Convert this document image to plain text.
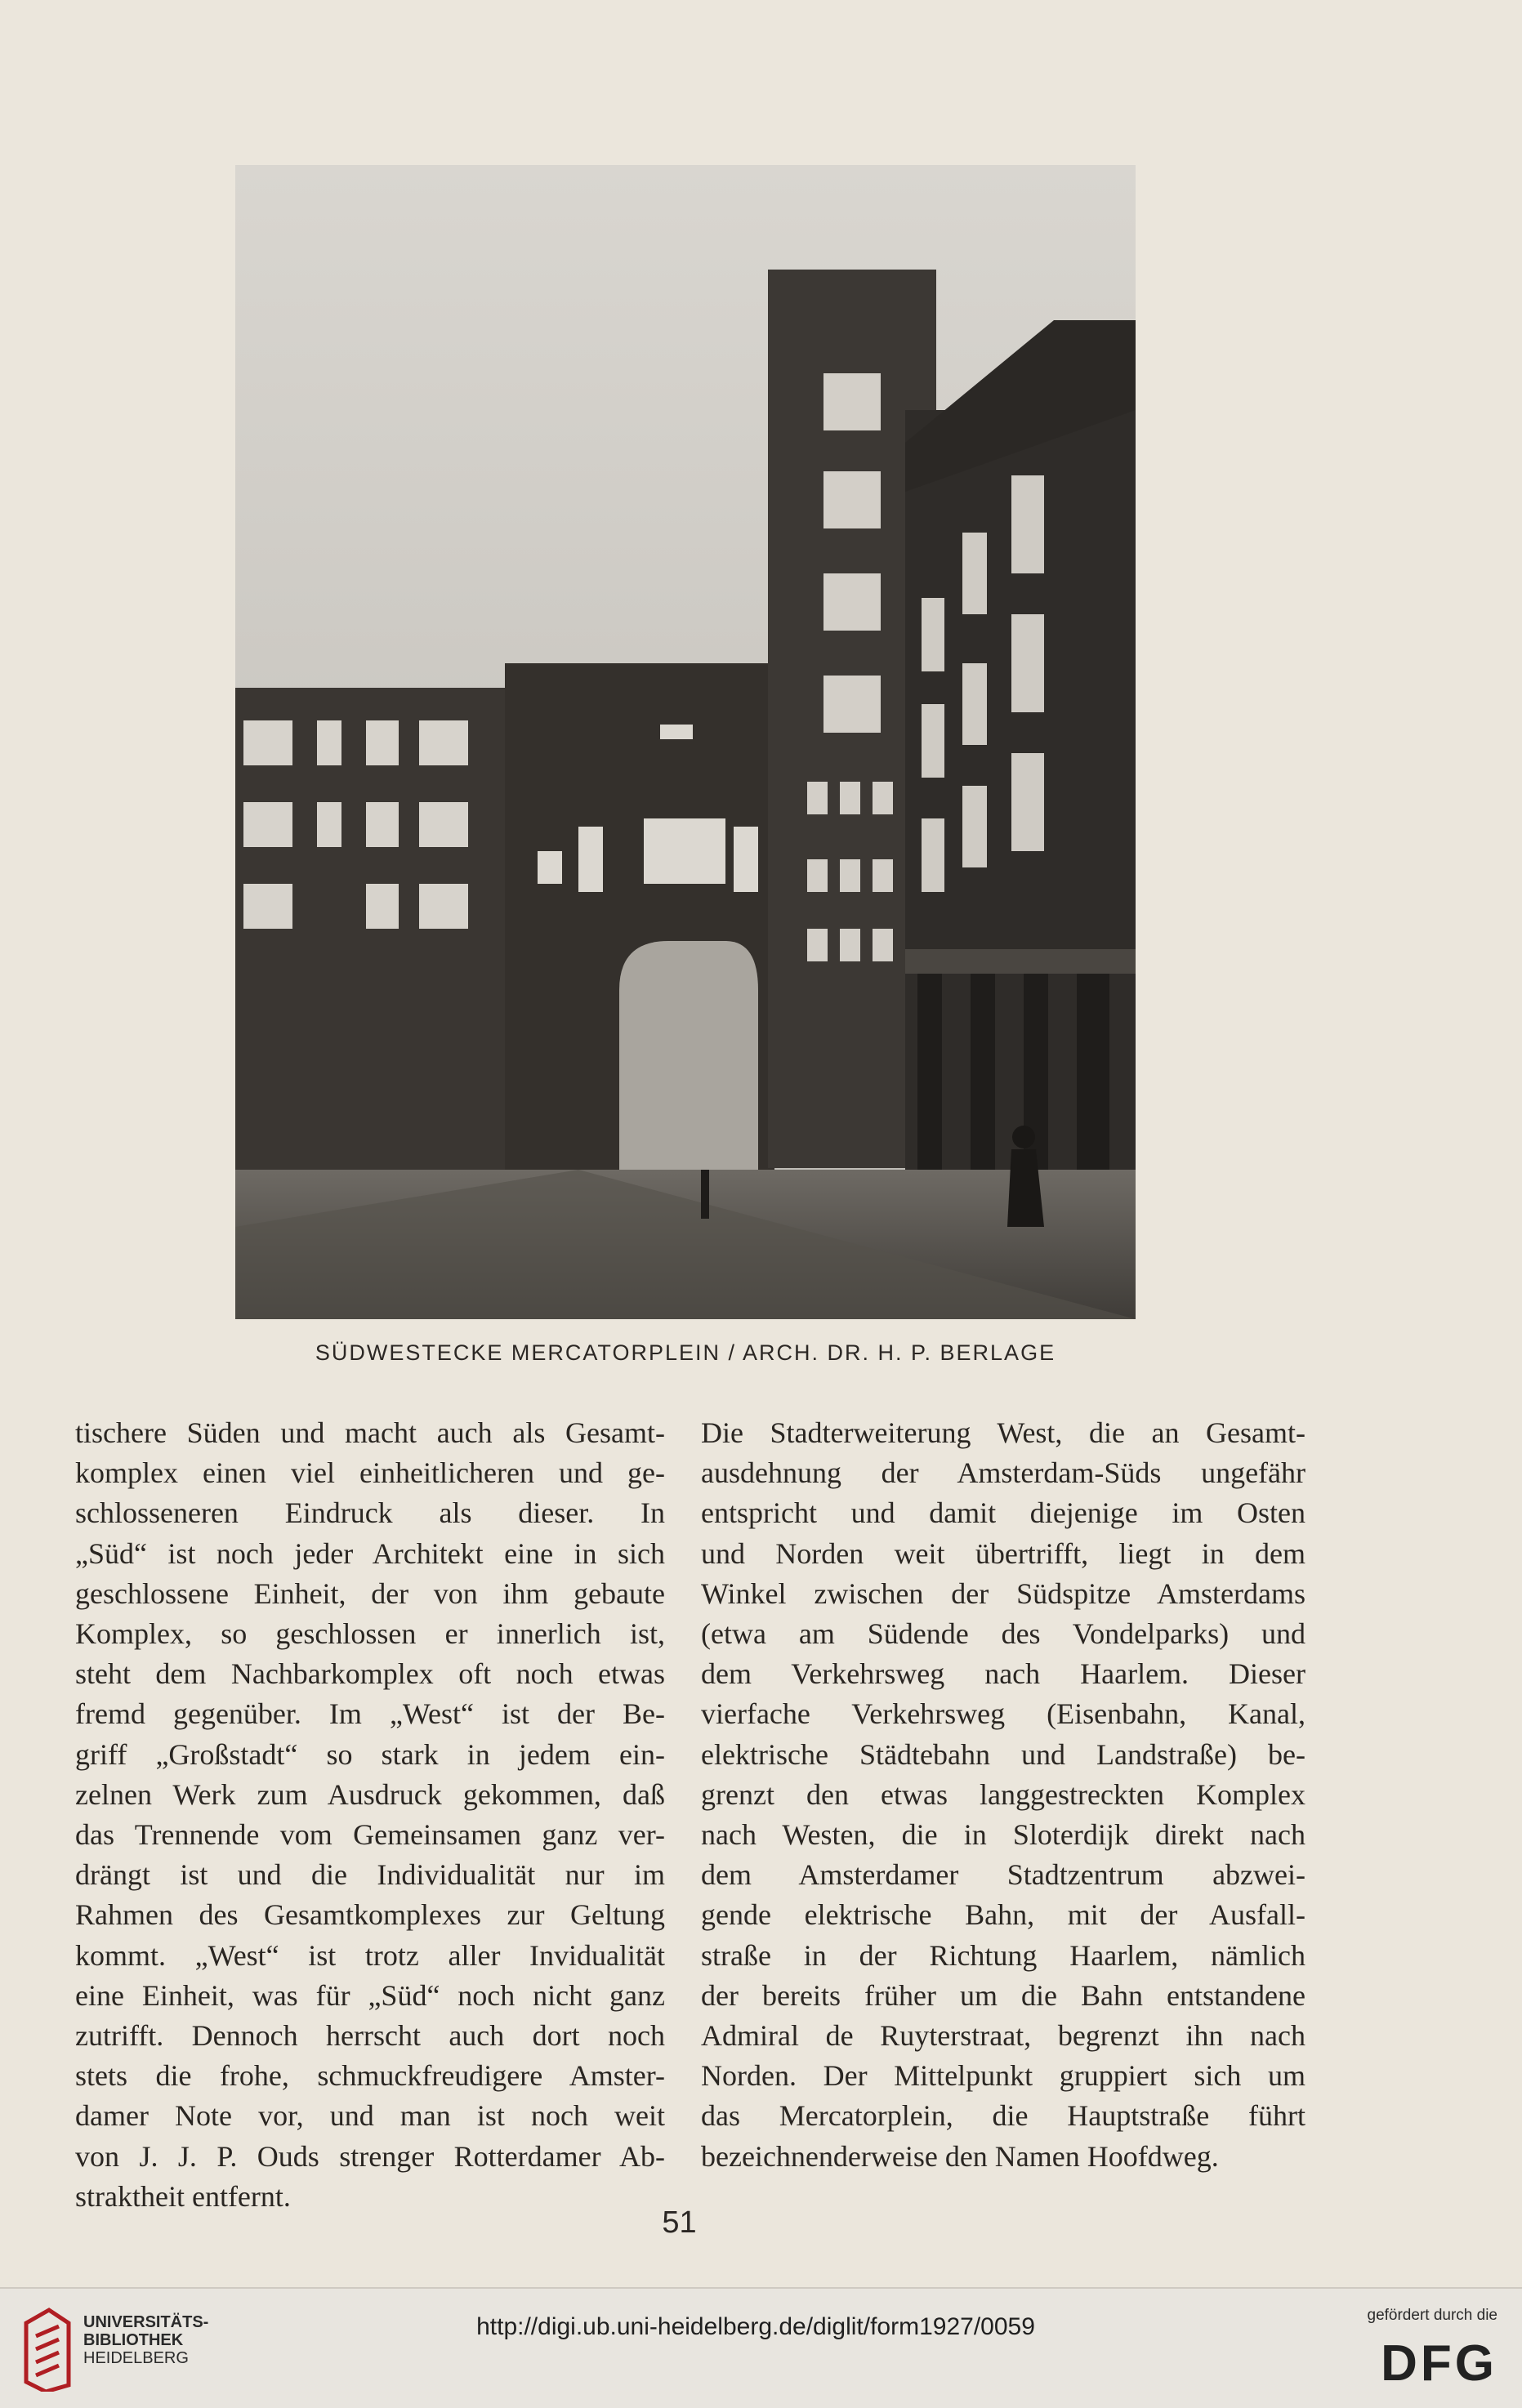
SÜDWESTECKE MERCATORPLEIN / ARCH. DR. H. P. BERLAGE
tischere Süden und macht auch als Gesamt-
komplex einen viel einheitlicheren und ge-
schlosseneren Eindruck als dieser. In
„Süd“ ist noch jeder Architekt eine in sich
geschlossene Einheit, der von ihm gebaute
Komplex, so geschlossen er innerlich ist,
steht dem Nachbarkomplex oft noch etwas
fremd gegenüber. Im „West“ ist der Be-
griff „Großstadt“ so stark in jedem ein-
zelnen Werk zum Ausdruck gekommen, daß
das Trennende vom Gemeinsamen ganz ver-
drängt ist und die Individualität nur im
Rahmen des Gesamtkomplexes zur Geltung
kommt. „West“ ist trotz aller Invidualität
eine Einheit, was für „Süd“ noch nicht ganz
zutrifft. Dennoch herrscht auch dort noch
stets die frohe, schmuckfreudigere Amster-
damer Note vor, und man ist noch weit
von J. J. P. Ouds strenger Rotterdamer Ab-
straktheit entfernt.
Die Stadterweiterung West, die an Gesamt-
ausdehnung der Amsterdam-Süds ungefähr
entspricht und damit diejenige im Osten
und Norden weit übertrifft, liegt in dem
Winkel zwischen der Südspitze Amsterdams
(etwa am Südende des Vondelparks) und
dem Verkehrsweg nach Haarlem. Dieser
vierfache Verkehrsweg (Eisenbahn, Kanal,
elektrische Städtebahn und Landstraße) be-
grenzt den etwas langgestreckten Komplex
nach Westen, die in Sloterdijk direkt nach
dem Amsterdamer Stadtzentrum abzwei-
gende elektrische Bahn, mit der Ausfall-
straße in der Richtung Haarlem, nämlich
der bereits früher um die Bahn entstandene
Admiral de Ruyterstraat, begrenzt ihn nach
Norden. Der Mittelpunkt gruppiert sich um
das Mercatorplein, die Hauptstraße führt
bezeichnenderweise den Namen Hoofdweg.
51
UNIVERSITÄTS-
BIBLIOTHEK
HEIDELBERG
http://digi.ub.uni-heidelberg.de/diglit/form1927/0059	gefördert durch die
DFG
